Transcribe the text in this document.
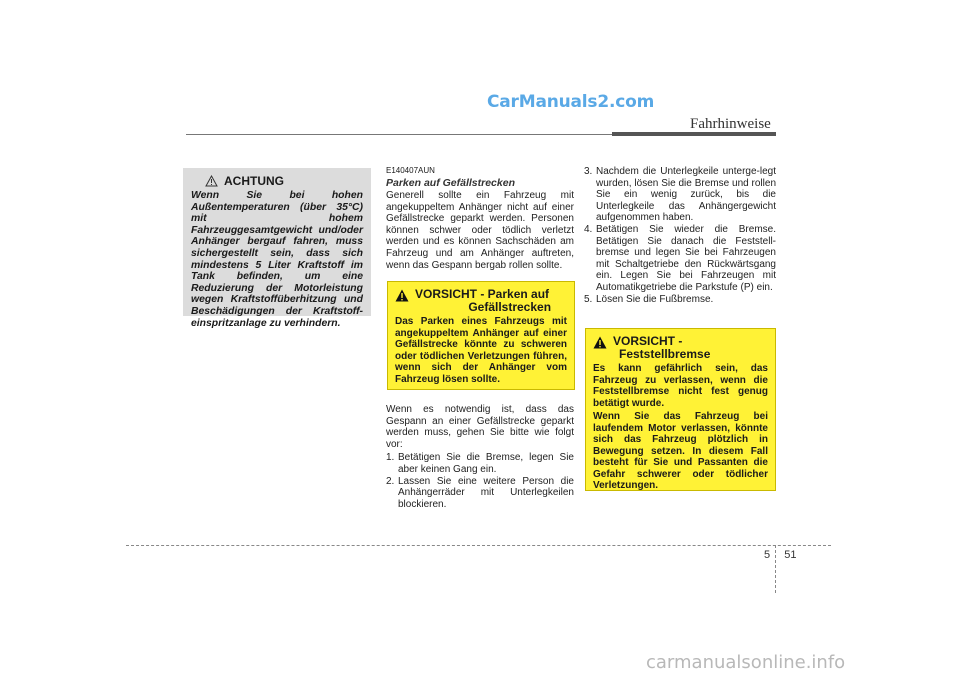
CarManuals2.com
Fahrhinweise
ACHTUNG
Wenn Sie bei hohen Außentemperaturen (über 35°C) mit hohem Fahrzeuggesamtgewicht und/oder Anhänger bergauf fahren, muss sichergestellt sein, dass sich mindestens 5 Liter Kraftstoff im Tank befinden, um eine Reduzierung der Motorleistung wegen Kraftstoffüberhitzung und Beschädigungen der Kraftstoff-einspritzanlage zu verhindern.
E140407AUN
Parken auf Gefällstrecken
Generell sollte ein Fahrzeug mit angekuppeltem Anhänger nicht auf einer Gefällstrecke geparkt werden. Personen können schwer oder tödlich verletzt werden und es können Sachschäden am Fahrzeug und am Anhänger auftreten, wenn das Gespann bergab rollen sollte.
VORSICHT - Parken auf
Gefällstrecken
Das Parken eines Fahrzeugs mit angekuppeltem Anhänger auf einer Gefällstrecke könnte zu schweren oder tödlichen Verletzungen führen, wenn sich der Anhänger vom Fahrzeug lösen sollte.
Wenn es notwendig ist, dass das Gespann an einer Gefällstrecke geparkt werden muss, gehen Sie bitte wie folgt vor:
1. Betätigen Sie die Bremse, legen Sie aber keinen Gang ein.
2. Lassen Sie eine weitere Person die Anhängerräder mit Unterlegkeilen blockieren.
3. Nachdem die Unterlegkeile unterge-legt wurden, lösen Sie die Bremse und rollen Sie ein wenig zurück, bis die Unterlegkeile das Anhängergewicht aufgenommen haben.
4. Betätigen Sie wieder die Bremse. Betätigen Sie danach die Feststell-bremse und legen Sie bei Fahrzeugen mit Schaltgetriebe den Rückwärtsgang ein. Legen Sie bei Fahrzeugen mit Automatikgetriebe die Parkstufe (P) ein.
5. Lösen Sie die Fußbremse.
VORSICHT -
Feststellbremse
Es kann gefährlich sein, das Fahrzeug zu verlassen, wenn die Feststellbremse nicht fest genug betätigt wurde.
Wenn Sie das Fahrzeug bei laufendem Motor verlassen, könnte sich das Fahrzeug plötzlich in Bewegung setzen. In diesem Fall besteht für Sie und Passanten die Gefahr schwerer oder tödlicher Verletzungen.
5 51
carmanualsonline.info
